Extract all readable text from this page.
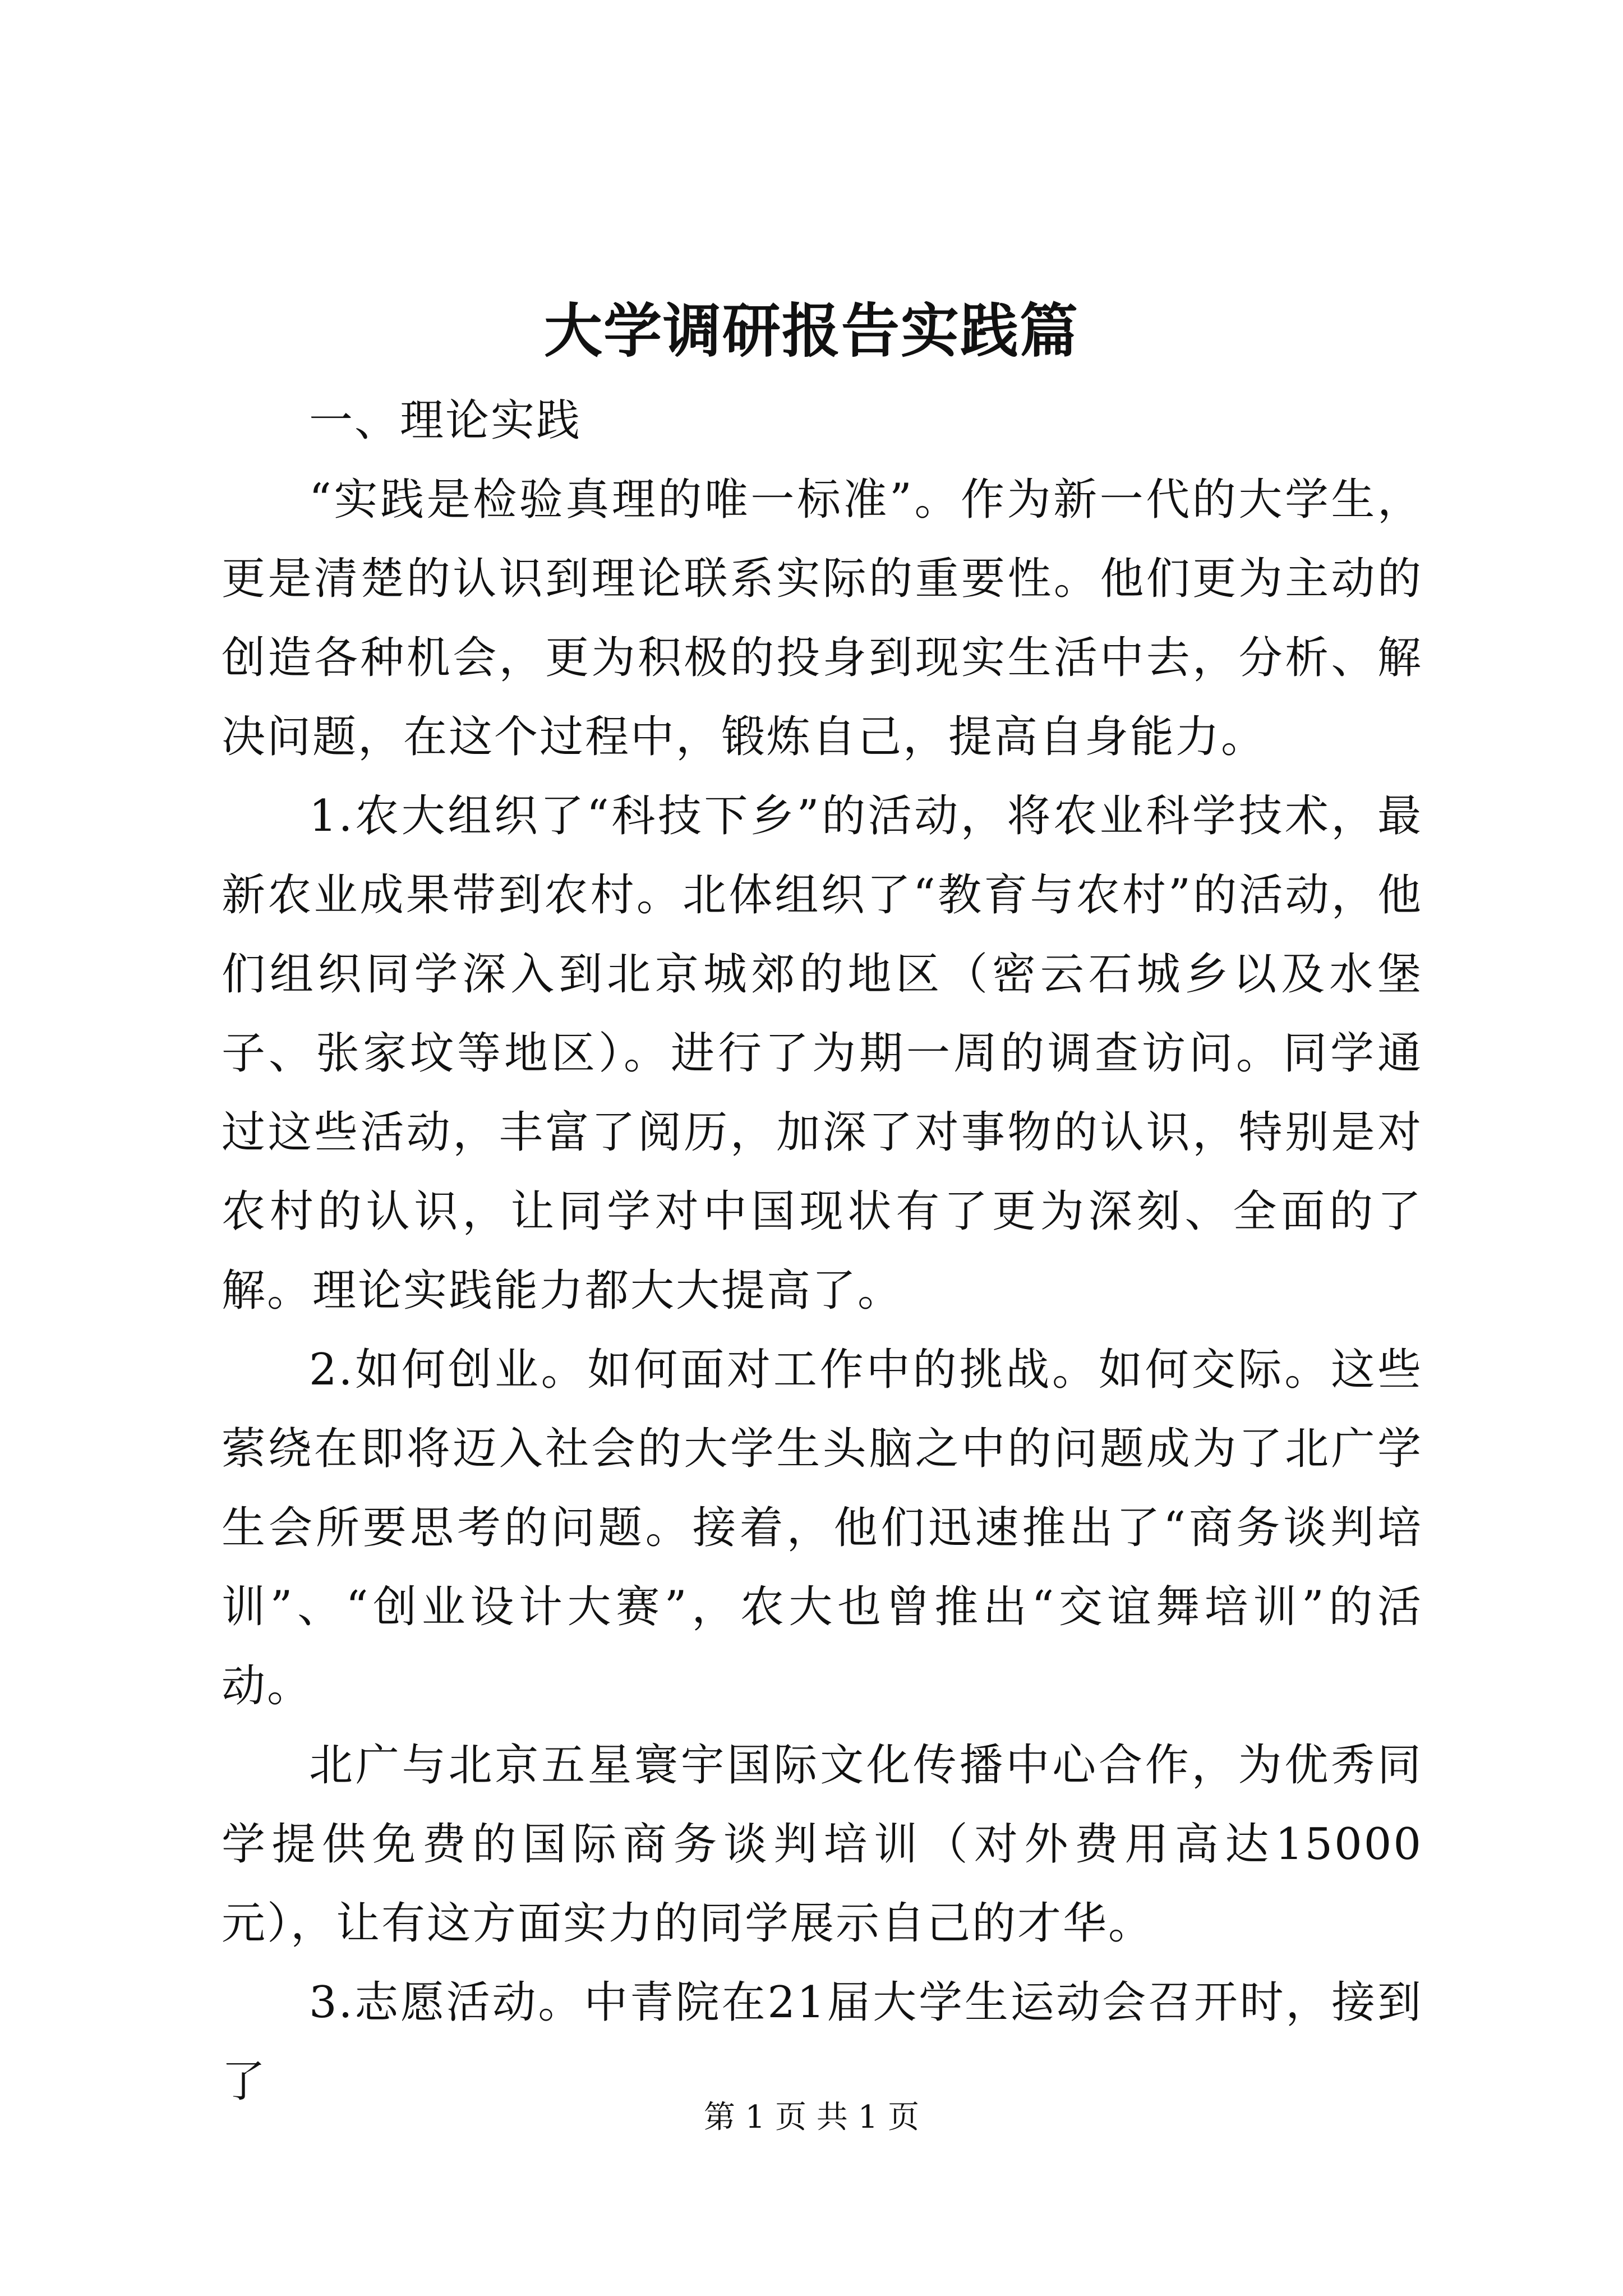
大学调研报告实践篇

一、理论实践

“实践是检验真理的唯一标准”。作为新一代的大学生，更是清楚的认识到理论联系实际的重要性。他们更为主动的创造各种机会，更为积极的投身到现实生活中去，分析、解决问题，在这个过程中，锻炼自己，提高自身能力。

1.农大组织了“科技下乡”的活动，将农业科学技术，最新农业成果带到农村。北体组织了“教育与农村”的活动，他们组织同学深入到北京城郊的地区（密云石城乡以及水堡子、张家坟等地区）。进行了为期一周的调查访问。同学通过这些活动，丰富了阅历，加深了对事物的认识，特别是对农村的认识，让同学对中国现状有了更为深刻、全面的了解。理论实践能力都大大提高了。

2.如何创业。如何面对工作中的挑战。如何交际。这些萦绕在即将迈入社会的大学生头脑之中的问题成为了北广学生会所要思考的问题。接着，他们迅速推出了“商务谈判培训”、“创业设计大赛”，农大也曾推出“交谊舞培训”的活动。

北广与北京五星寰宇国际文化传播中心合作，为优秀同学提供免费的国际商务谈判培训（对外费用高达15000元），让有这方面实力的同学展示自己的才华。

3.志愿活动。中青院在21届大学生运动会召开时，接到了

第 1 页 共 1 页
